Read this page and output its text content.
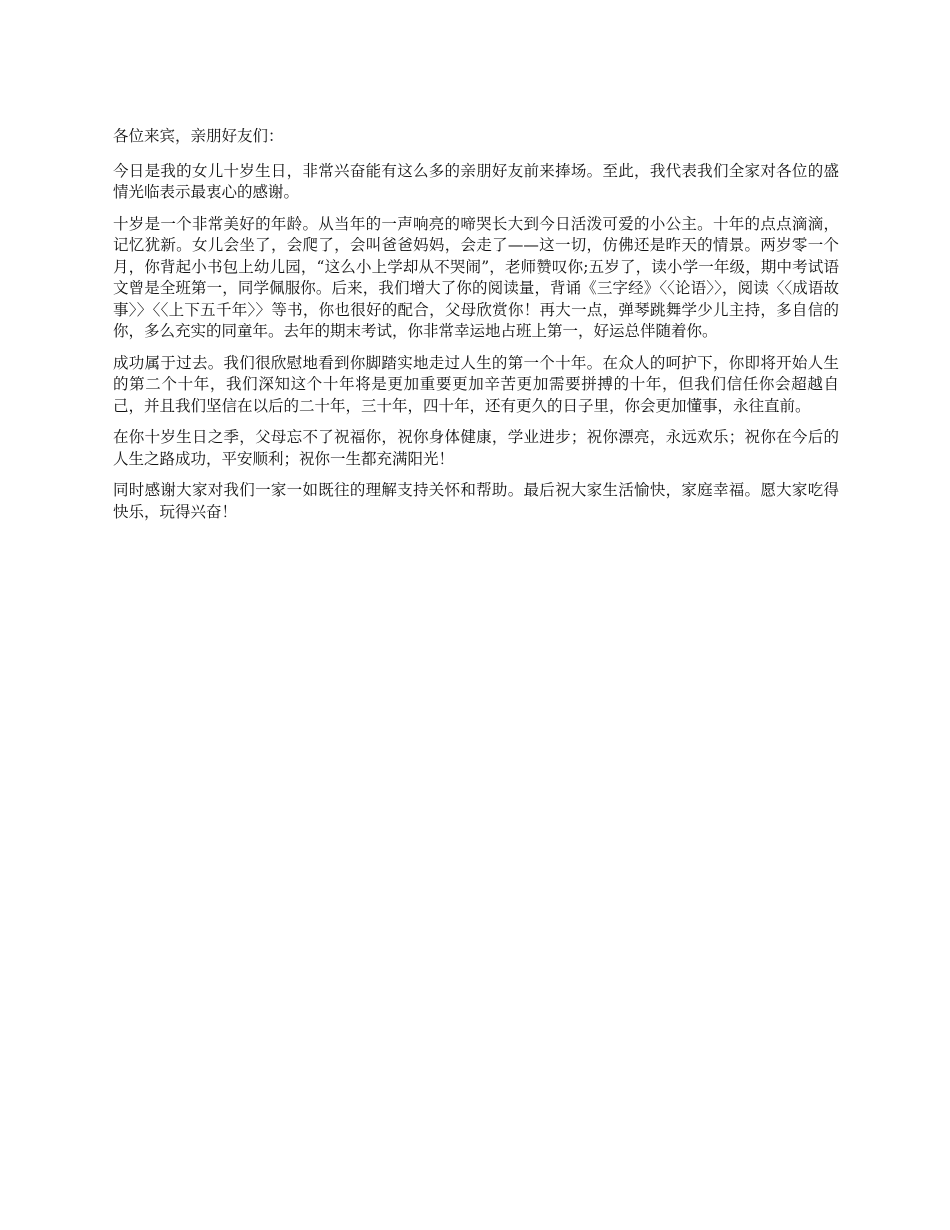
各位来宾，亲朋好友们：

今日是我的女儿十岁生日，非常兴奋能有这么多的亲朋好友前来捧场。至此，我代表我们全家对各位的盛情光临表示最衷心的感谢。

十岁是一个非常美好的年龄。从当年的一声响亮的啼哭长大到今日活泼可爱的小公主。十年的点点滴滴，记忆犹新。女儿会坐了，会爬了，会叫爸爸妈妈，会走了——这一切，仿佛还是昨天的情景。两岁零一个月，你背起小书包上幼儿园，“这么小上学却从不哭闹”，老师赞叹你;五岁了，读小学一年级，期中考试语文曾是全班第一，同学佩服你。后来，我们增大了你的阅读量，背诵《三字经》〈〈论语〉〉，阅读〈〈成语故事〉〉〈〈上下五千年〉〉等书，你也很好的配合，父母欣赏你！再大一点，弹琴跳舞学少儿主持，多自信的你，多么充实的同童年。去年的期末考试，你非常幸运地占班上第一，好运总伴随着你。

成功属于过去。我们很欣慰地看到你脚踏实地走过人生的第一个十年。在众人的呵护下，你即将开始人生的第二个十年，我们深知这个十年将是更加重要更加辛苦更加需要拼搏的十年，但我们信任你会超越自己，并且我们坚信在以后的二十年，三十年，四十年，还有更久的日子里，你会更加懂事，永往直前。

在你十岁生日之季，父母忘不了祝福你，祝你身体健康，学业进步；祝你漂亮，永远欢乐；祝你在今后的人生之路成功，平安顺利；祝你一生都充满阳光！

同时感谢大家对我们一家一如既往的理解支持关怀和帮助。最后祝大家生活愉快，家庭幸福。愿大家吃得快乐，玩得兴奋！
